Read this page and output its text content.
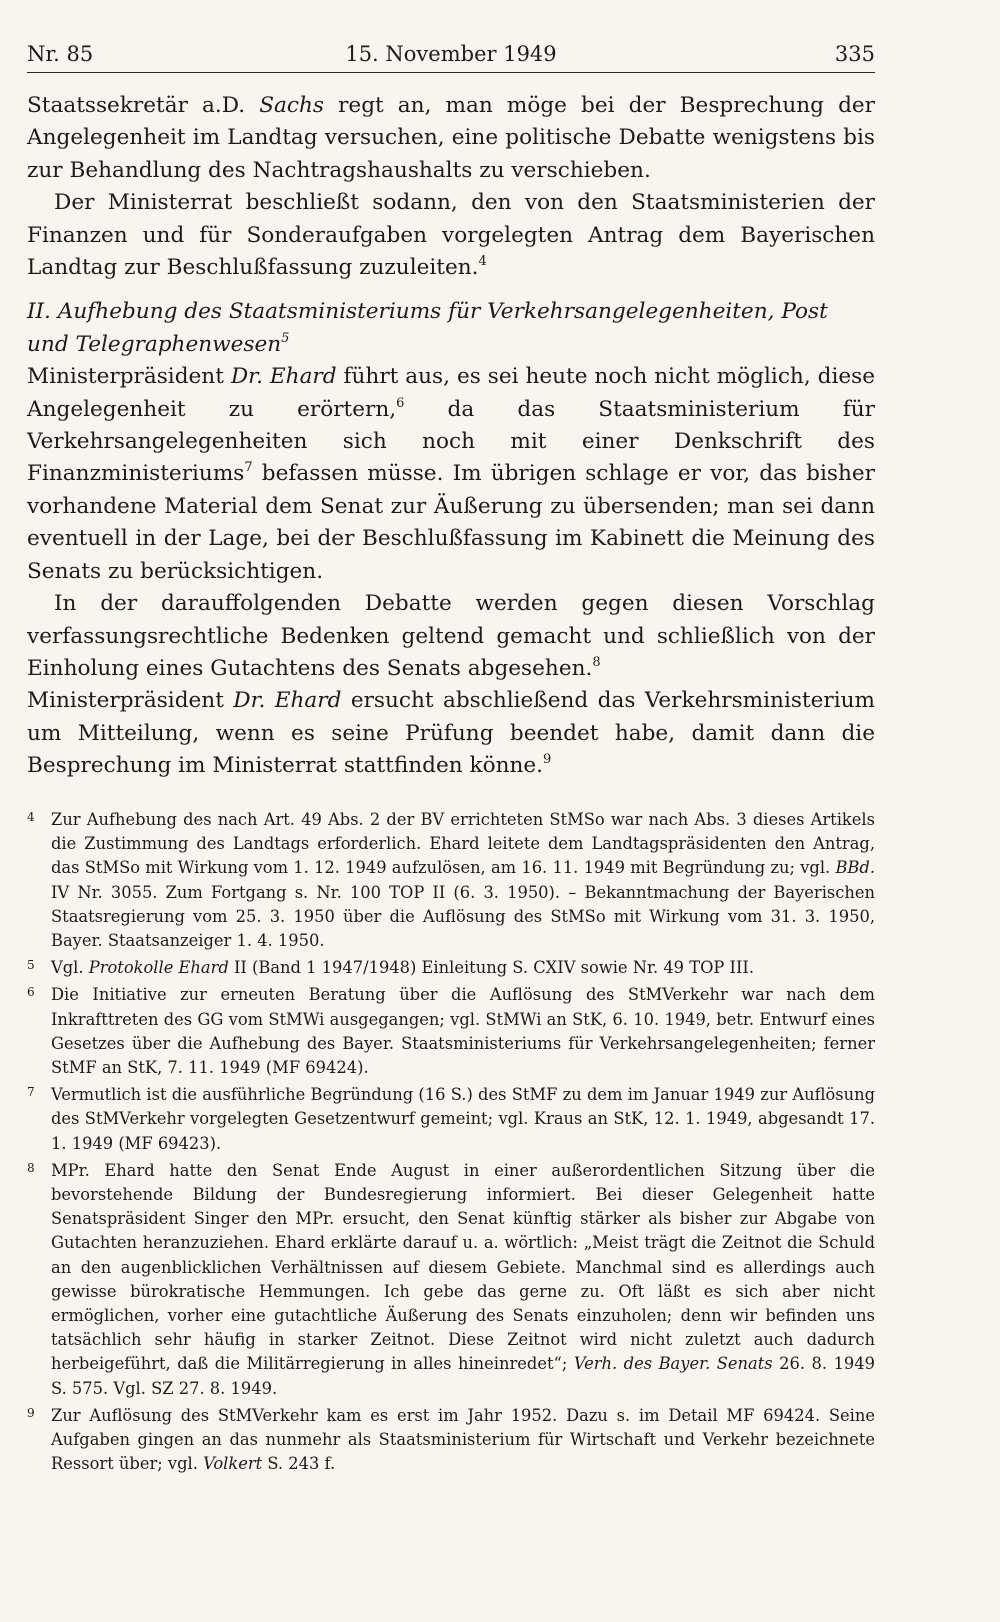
Nr. 85	15. November 1949	335

Staatssekretär a.D. Sachs regt an, man möge bei der Besprechung der Angelegenheit im Landtag versuchen, eine politische Debatte wenigstens bis zur Behandlung des Nachtragshaushalts zu verschieben.

Der Ministerrat beschließt sodann, den von den Staatsministerien der Finanzen und für Sonderaufgaben vorgelegten Antrag dem Bayerischen Landtag zur Beschlußfassung zuzuleiten.$^4$

II. Aufhebung des Staatsministeriums für Verkehrsangelegenheiten, Post und Telegraphenwesen$^5$

Ministerpräsident Dr. Ehard führt aus, es sei heute noch nicht möglich, diese Angelegenheit zu erörtern,$^6$ da das Staatsministerium für Verkehrsangelegenheiten sich noch mit einer Denkschrift des Finanzministeriums$^7$ befassen müsse. Im übrigen schlage er vor, das bisher vorhandene Material dem Senat zur Äußerung zu übersenden; man sei dann eventuell in der Lage, bei der Beschlußfassung im Kabinett die Meinung des Senats zu berücksichtigen.

In der darauffolgenden Debatte werden gegen diesen Vorschlag verfassungsrechtliche Bedenken geltend gemacht und schließlich von der Einholung eines Gutachtens des Senats abgesehen.$^8$

Ministerpräsident Dr. Ehard ersucht abschließend das Verkehrsministerium um Mitteilung, wenn es seine Prüfung beendet habe, damit dann die Besprechung im Ministerrat stattfinden könne.$^9$

4 Zur Aufhebung des nach Art. 49 Abs. 2 der BV errichteten StMSo war nach Abs. 3 dieses Artikels die Zustimmung des Landtags erforderlich. Ehard leitete dem Landtagspräsidenten den Antrag, das StMSo mit Wirkung vom 1. 12. 1949 aufzulösen, am 16. 11. 1949 mit Begründung zu; vgl. BBd. IV Nr. 3055. Zum Fortgang s. Nr. 100 TOP II (6. 3. 1950). – Bekanntmachung der Bayerischen Staatsregierung vom 25. 3. 1950 über die Auflösung des StMSo mit Wirkung vom 31. 3. 1950, Bayer. Staatsanzeiger 1. 4. 1950.
5 Vgl. Protokolle Ehard II (Band 1 1947/1948) Einleitung S. CXIV sowie Nr. 49 TOP III.
6 Die Initiative zur erneuten Beratung über die Auflösung des StMVerkehr war nach dem Inkrafttreten des GG vom StMWi ausgegangen; vgl. StMWi an StK, 6. 10. 1949, betr. Entwurf eines Gesetzes über die Aufhebung des Bayer. Staatsministeriums für Verkehrsangelegenheiten; ferner StMF an StK, 7. 11. 1949 (MF 69424).
7 Vermutlich ist die ausführliche Begründung (16 S.) des StMF zu dem im Januar 1949 zur Auflösung des StMVerkehr vorgelegten Gesetzentwurf gemeint; vgl. Kraus an StK, 12. 1. 1949, abgesandt 17. 1. 1949 (MF 69423).
8 MPr. Ehard hatte den Senat Ende August in einer außerordentlichen Sitzung über die bevorstehende Bildung der Bundesregierung informiert. Bei dieser Gelegenheit hatte Senatspräsident Singer den MPr. ersucht, den Senat künftig stärker als bisher zur Abgabe von Gutachten heranzuziehen. Ehard erklärte darauf u. a. wörtlich: „Meist trägt die Zeitnot die Schuld an den augenblicklichen Verhältnissen auf diesem Gebiete. Manchmal sind es allerdings auch gewisse bürokratische Hemmungen. Ich gebe das gerne zu. Oft läßt es sich aber nicht ermöglichen, vorher eine gutachtliche Äußerung des Senats einzuholen; denn wir befinden uns tatsächlich sehr häufig in starker Zeitnot. Diese Zeitnot wird nicht zuletzt auch dadurch herbeigeführt, daß die Militärregierung in alles hineinredet“; Verh. des Bayer. Senats 26. 8. 1949 S. 575. Vgl. SZ 27. 8. 1949.
9 Zur Auflösung des StMVerkehr kam es erst im Jahr 1952. Dazu s. im Detail MF 69424. Seine Aufgaben gingen an das nunmehr als Staatsministerium für Wirtschaft und Verkehr bezeichnete Ressort über; vgl. Volkert S. 243 f.
